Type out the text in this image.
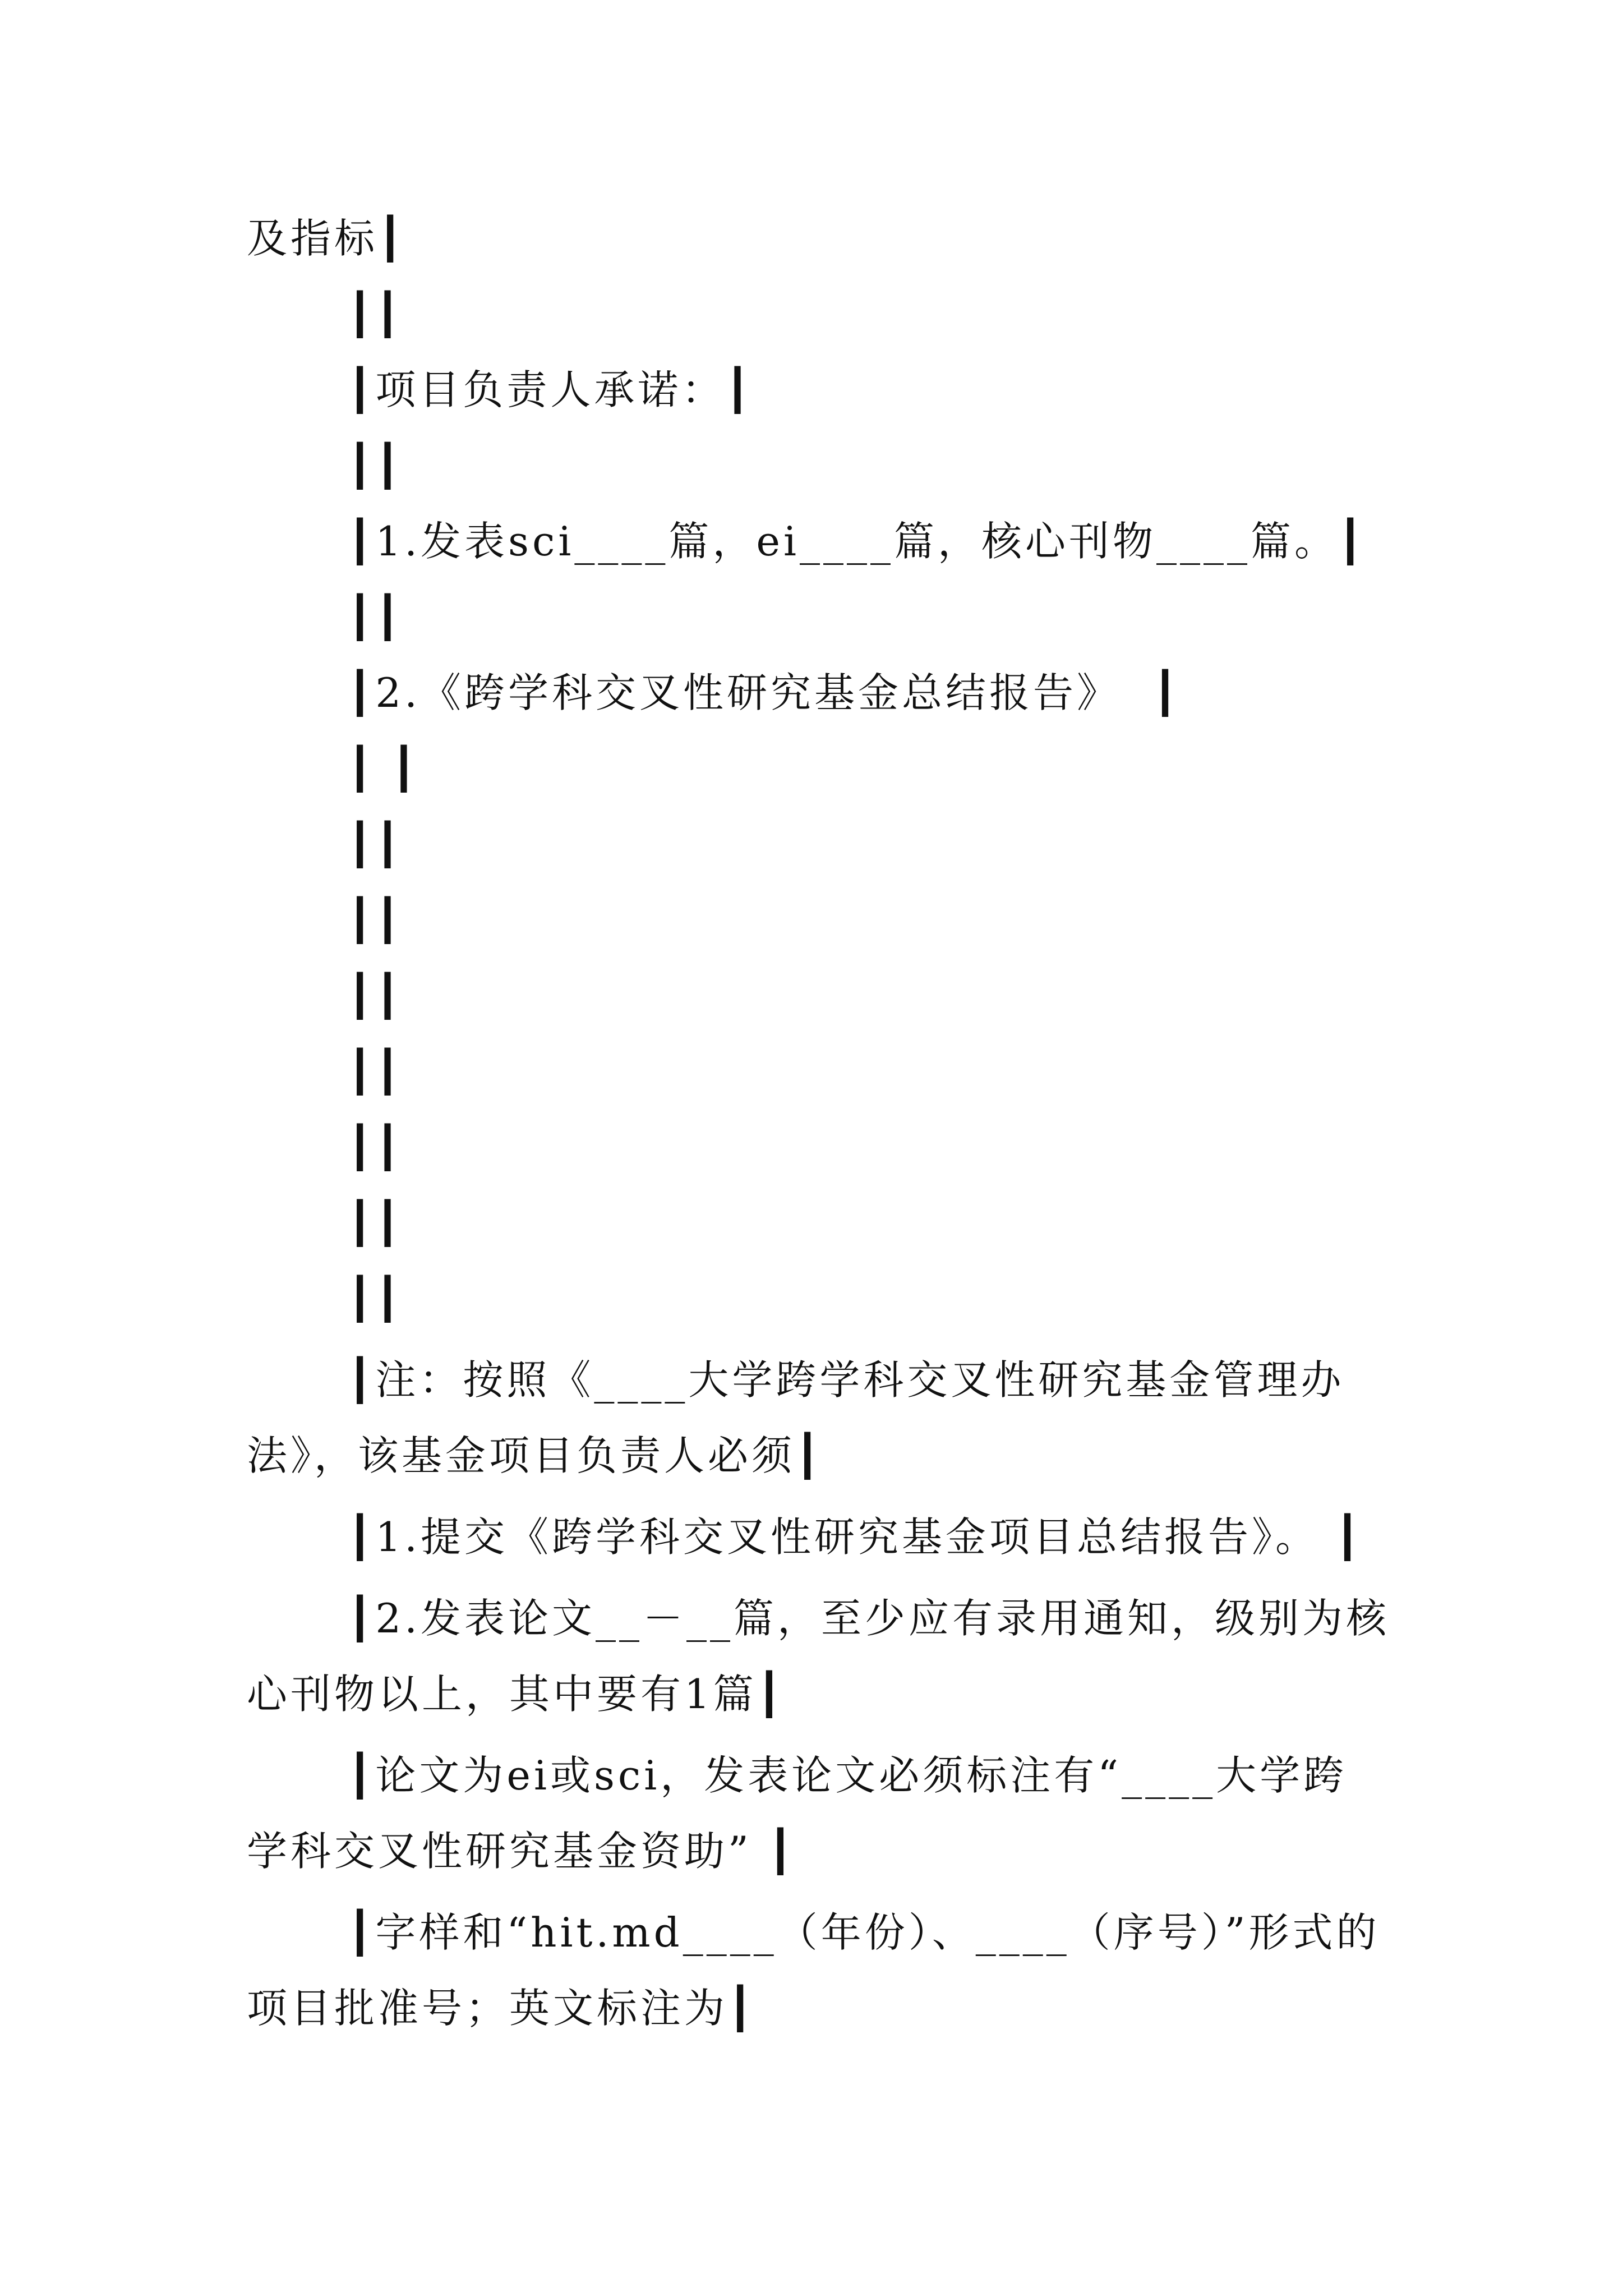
及指标┃
┃┃
┃项目负责人承诺：┃
┃┃
┃1.发表sci____篇，ei____篇，核心刊物____篇。┃
┃┃
┃2.《跨学科交叉性研究基金总结报告》  ┃
┃ ┃
┃┃
┃┃
┃┃
┃┃
┃┃
┃┃
┃┃
┃注：按照《____大学跨学科交叉性研究基金管理办
法》，该基金项目负责人必须┃
┃1.提交《跨学科交叉性研究基金项目总结报告》。 ┃
┃2.发表论文__－__篇，至少应有录用通知，级别为核
心刊物以上，其中要有1篇┃
┃论文为ei或sci，发表论文必须标注有“____大学跨
学科交叉性研究基金资助” ┃
┃字样和“hit.md____（年份）、____（序号）”形式的
项目批准号；英文标注为┃
